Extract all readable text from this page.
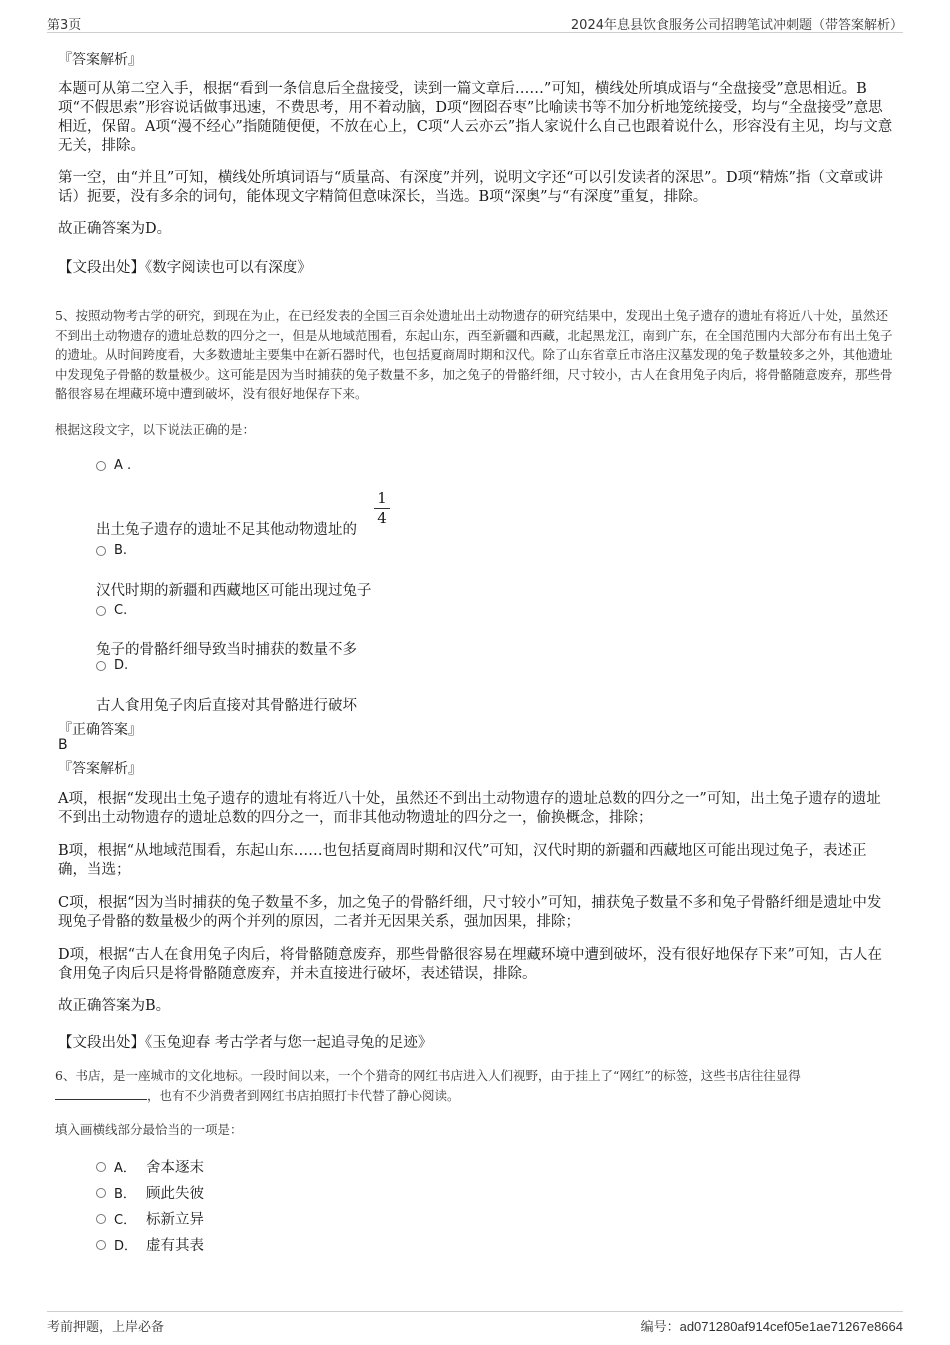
第3页	2024年息县饮食服务公司招聘笔试冲刺题（带答案解析）
『答案解析』
本题可从第二空入手，根据“看到一条信息后全盘接受，读到一篇文章后……”可知，横线处所填成语与“全盘接受”意思相近。B项“不假思索”形容说话做事迅速，不费思考，用不着动脑，D项“囫囵吞枣”比喻读书等不加分析地笼统接受，均与“全盘接受”意思相近，保留。A项“漫不经心”指随随便便，不放在心上，C项“人云亦云”指人家说什么自己也跟着说什么，形容没有主见，均与文意无关，排除。
第一空，由“并且”可知，横线处所填词语与“质量高、有深度”并列，说明文字还“可以引发读者的深思”。D项“精炼”指（文章或讲话）扼要，没有多余的词句，能体现文字精简但意味深长，当选。B项“深奥”与“有深度”重复，排除。
故正确答案为D。
【文段出处】《数字阅读也可以有深度》
5、按照动物考古学的研究，到现在为止，在已经发表的全国三百余处遗址出土动物遗存的研究结果中，发现出土兔子遗存的遗址有将近八十处，虽然还不到出土动物遗存的遗址总数的四分之一，但是从地域范围看，东起山东，西至新疆和西藏，北起黑龙江，南到广东，在全国范围内大部分布有出土兔子的遗址。从时间跨度看，大多数遗址主要集中在新石器时代，也包括夏商周时期和汉代。除了山东省章丘市洛庄汉墓发现的兔子数量较多之外，其他遗址中发现兔子骨骼的数量极少。这可能是因为当时捕获的兔子数量不多，加之兔子的骨骼纤细，尺寸较小，古人在食用兔子肉后，将骨骼随意废弃，那些骨骼很容易在埋藏环境中遭到破坏，没有很好地保存下来。
根据这段文字，以下说法正确的是：
A .
出土兔子遗存的遗址不足其他动物遗址的
1
4
B.
汉代时期的新疆和西藏地区可能出现过兔子
C.
兔子的骨骼纤细导致当时捕获的数量不多
D.
古人食用兔子肉后直接对其骨骼进行破坏
『正确答案』
B
『答案解析』
A项，根据“发现出土兔子遗存的遗址有将近八十处，虽然还不到出土动物遗存的遗址总数的四分之一”可知，出土兔子遗存的遗址不到出土动物遗存的遗址总数的四分之一，而非其他动物遗址的四分之一，偷换概念，排除；
B项，根据“从地域范围看，东起山东……也包括夏商周时期和汉代”可知，汉代时期的新疆和西藏地区可能出现过兔子，表述正确，当选；
C项，根据“因为当时捕获的兔子数量不多，加之兔子的骨骼纤细，尺寸较小”可知，捕获兔子数量不多和兔子骨骼纤细是遗址中发现兔子骨骼的数量极少的两个并列的原因，二者并无因果关系，强加因果，排除；
D项，根据“古人在食用兔子肉后，将骨骼随意废弃，那些骨骼很容易在埋藏环境中遭到破坏，没有很好地保存下来”可知，古人在食用兔子肉后只是将骨骼随意废弃，并未直接进行破坏，表述错误，排除。
故正确答案为B。
【文段出处】《玉兔迎春 考古学者与您一起追寻兔的足迹》
6、书店，是一座城市的文化地标。一段时间以来，一个个猎奇的网红书店进入人们视野，由于挂上了“网红”的标签，这些书店往往显得
，也有不少消费者到网红书店拍照打卡代替了静心阅读。
填入画横线部分最恰当的一项是：
A． 舍本逐末
B． 顾此失彼
C． 标新立异
D． 虚有其表
考前押题，上岸必备	编号：ad071280af914cef05e1ae71267e8664
